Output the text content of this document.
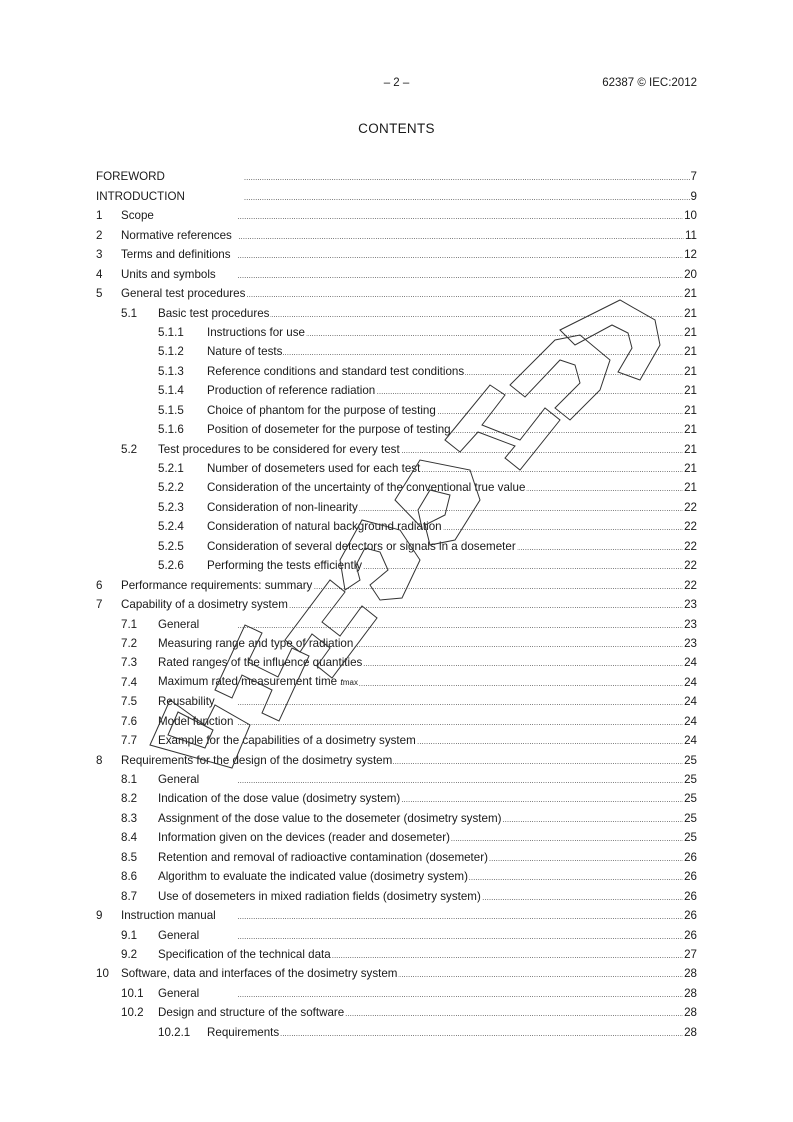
– 2 –	62387 © IEC:2012
CONTENTS
FOREWORD . . .	7
INTRODUCTION . . .	9
1	Scope . . .	10
2	Normative references . . .	11
3	Terms and definitions . . .	12
4	Units and symbols . . .	20
5	General test procedures . . .	21
5.1	Basic test procedures . . .	21
5.1.1	Instructions for use . . .	21
5.1.2	Nature of tests . . .	21
5.1.3	Reference conditions and standard test conditions . . .	21
5.1.4	Production of reference radiation . . .	21
5.1.5	Choice of phantom for the purpose of testing . . .	21
5.1.6	Position of dosemeter for the purpose of testing . . .	21
5.2	Test procedures to be considered for every test . . .	21
5.2.1	Number of dosemeters used for each test . . .	21
5.2.2	Consideration of the uncertainty of the conventional true value . . .	21
5.2.3	Consideration of non-linearity . . .	22
5.2.4	Consideration of natural background radiation . . .	22
5.2.5	Consideration of several detectors or signals in a dosemeter . . .	22
5.2.6	Performing the tests efficiently . . .	22
6	Performance requirements: summary . . .	22
7	Capability of a dosimetry system . . .	23
7.1	General . . .	23
7.2	Measuring range and type of radiation . . .	23
7.3	Rated ranges of the influence quantities . . .	24
7.4	Maximum rated measurement time tmax . . .	24
7.5	Reusability . . .	24
7.6	Model function . . .	24
7.7	Example for the capabilities of a dosimetry system . . .	24
8	Requirements for the design of the dosimetry system . . .	25
8.1	General . . .	25
8.2	Indication of the dose value (dosimetry system) . . .	25
8.3	Assignment of the dose value to the dosemeter (dosimetry system) . . .	25
8.4	Information given on the devices (reader and dosemeter) . . .	25
8.5	Retention and removal of radioactive contamination (dosemeter) . . .	26
8.6	Algorithm to evaluate the indicated value (dosimetry system) . . .	26
8.7	Use of dosemeters in mixed radiation fields (dosimetry system) . . .	26
9	Instruction manual . . .	26
9.1	General . . .	26
9.2	Specification of the technical data . . .	27
10	Software, data and interfaces of the dosimetry system . . .	28
10.1	General . . .	28
10.2	Design and structure of the software . . .	28
10.2.1	Requirements . . .	28
